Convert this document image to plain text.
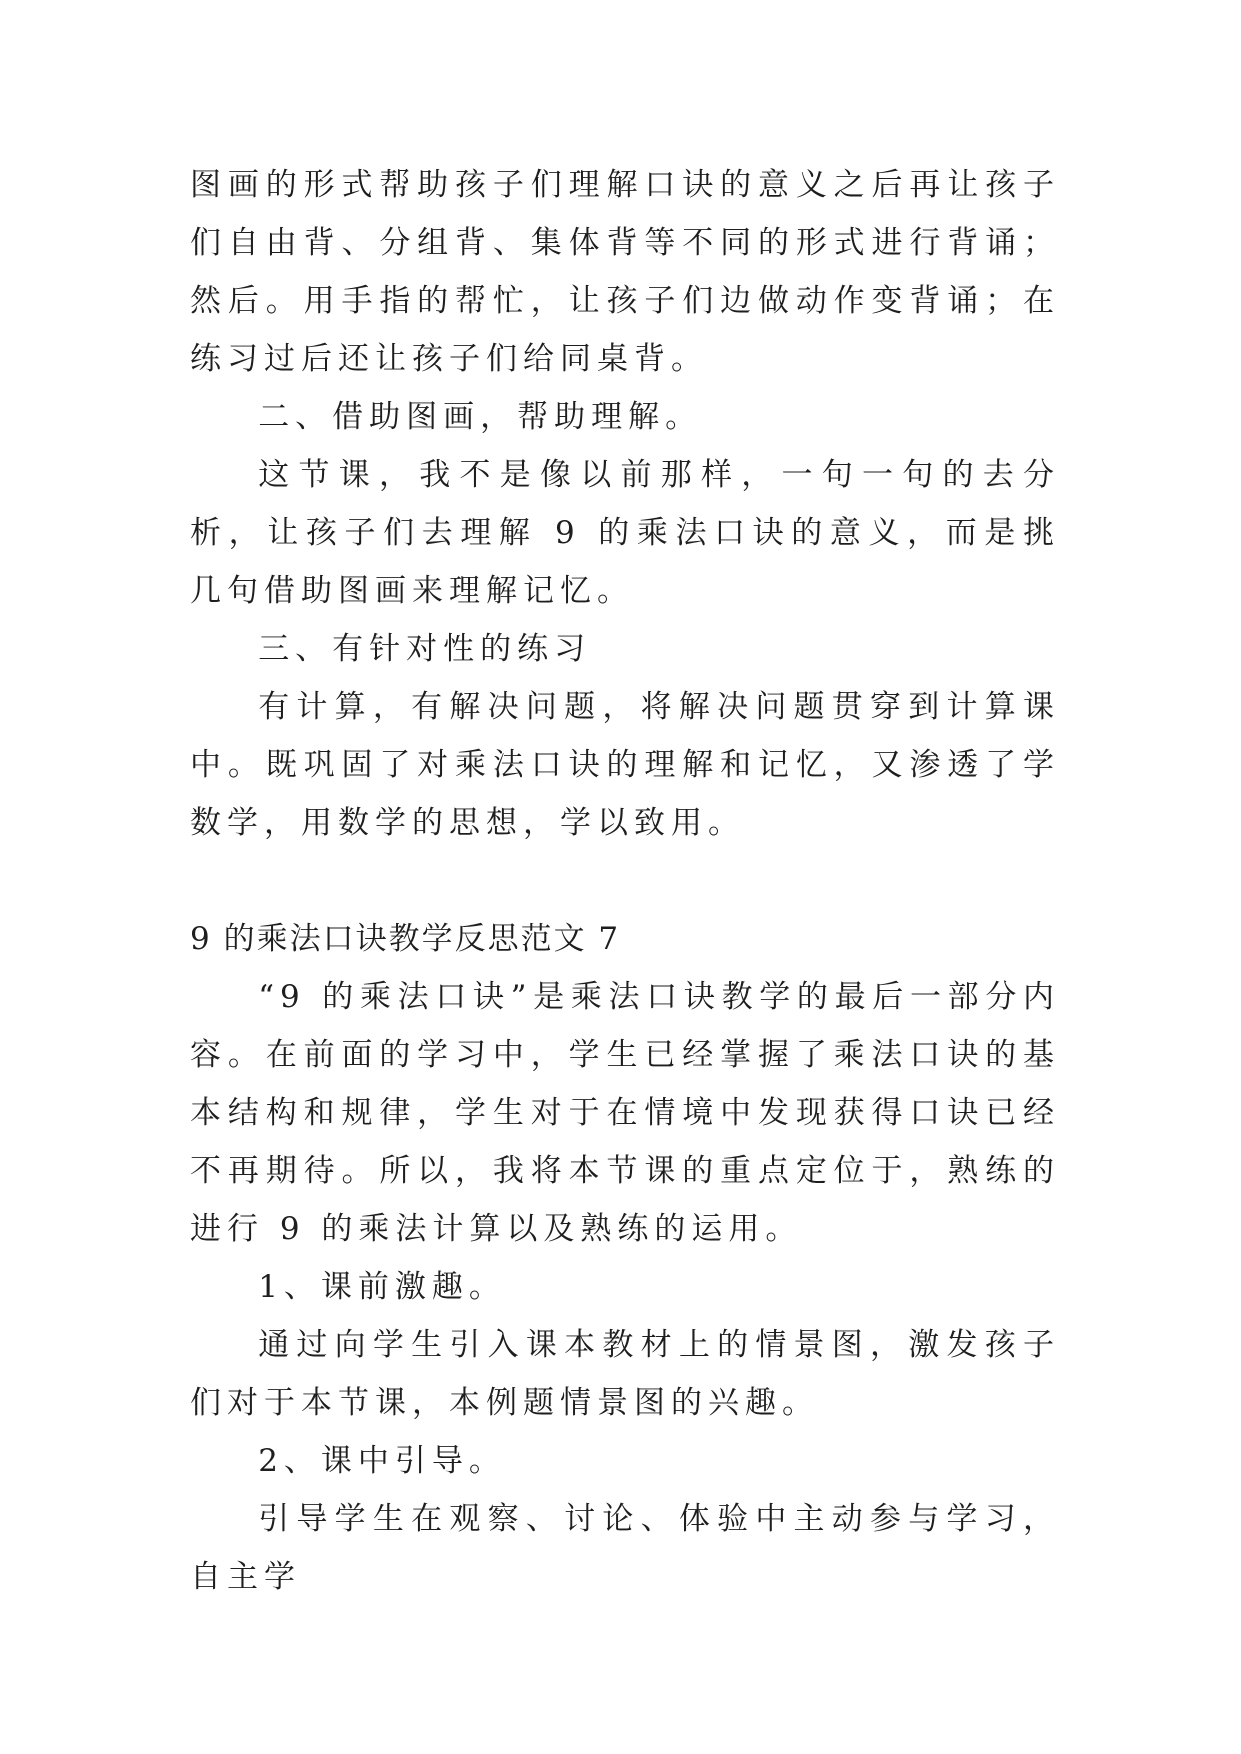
图画的形式帮助孩子们理解口诀的意义之后再让孩子们自由背、分组背、集体背等不同的形式进行背诵；然后。用手指的帮忙，让孩子们边做动作变背诵；在练习过后还让孩子们给同桌背。

二、借助图画，帮助理解。

这节课，我不是像以前那样，一句一句的去分析，让孩子们去理解 9 的乘法口诀的意义，而是挑几句借助图画来理解记忆。

三、有针对性的练习

有计算，有解决问题，将解决问题贯穿到计算课中。既巩固了对乘法口诀的理解和记忆，又渗透了学数学，用数学的思想，学以致用。

9 的乘法口诀教学反思范文 7

“9 的乘法口诀”是乘法口诀教学的最后一部分内容。在前面的学习中，学生已经掌握了乘法口诀的基本结构和规律，学生对于在情境中发现获得口诀已经不再期待。所以，我将本节课的重点定位于，熟练的进行 9 的乘法计算以及熟练的运用。

1、课前激趣。

通过向学生引入课本教材上的情景图，激发孩子们对于本节课，本例题情景图的兴趣。

2、课中引导。

引导学生在观察、讨论、体验中主动参与学习，自主学
